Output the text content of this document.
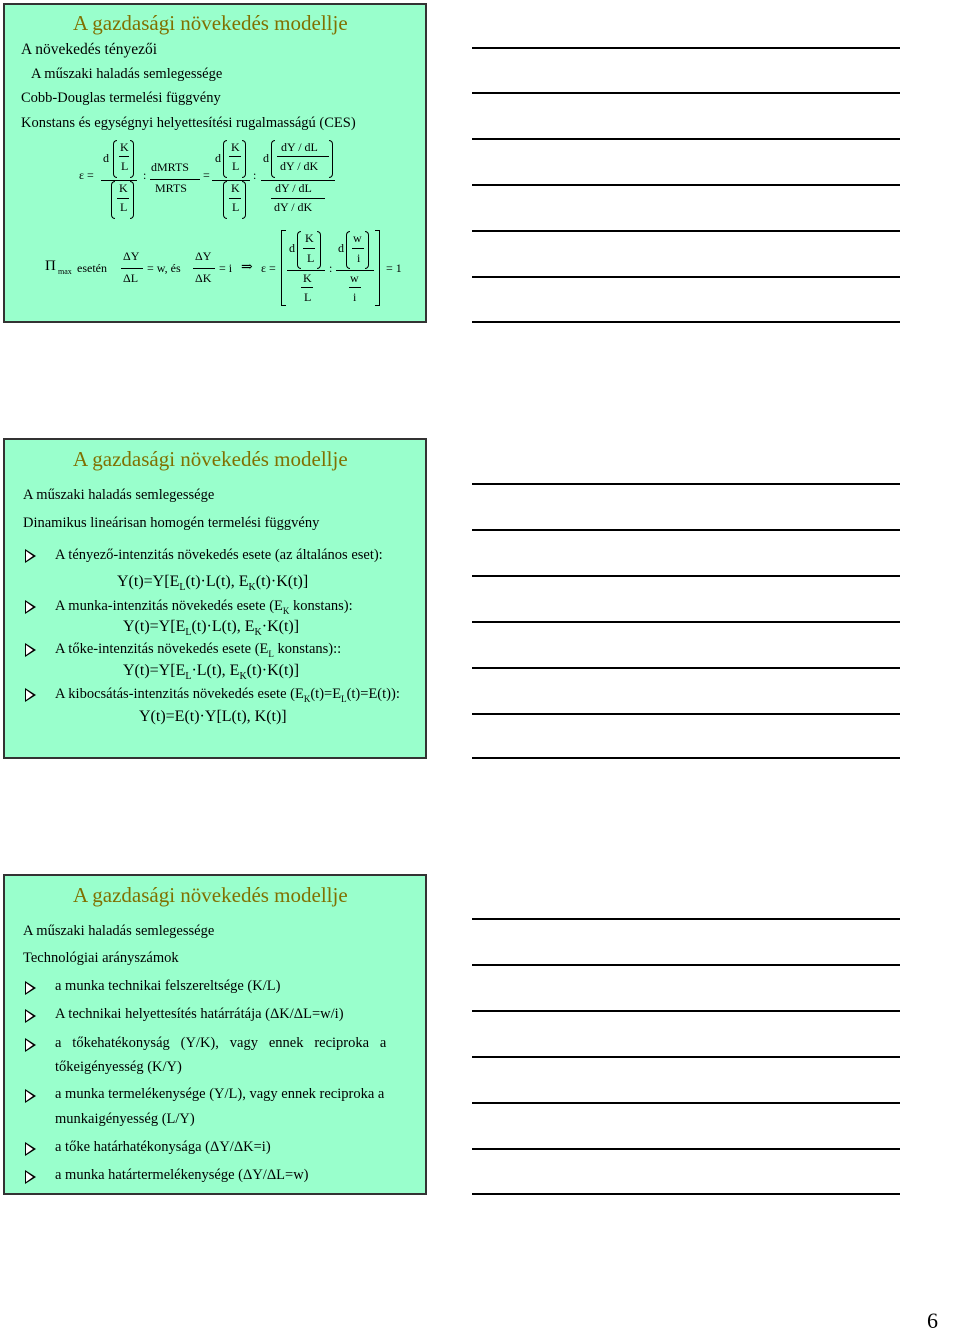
A gazdasági növekedés modellje
A növekedés tényezői
A műszaki haladás semlegessége
Cobb-Douglas termelési függvény
Konstans és egységnyi helyettesítési rugalmasságú (CES)
ε =
d
K
L
K
L
:
dMRTS
MRTS
=
d
K
L
K
L
:
d
dY / dL
dY / dK
dY / dL
dY / dK
Π max esetén
ΔY
ΔL
= w, és
ΔY
ΔK
= i ⇒ ε =
d
K
L
K
L
:
d
w
i
w
i
= 1
A gazdasági növekedés modellje
A műszaki haladás semlegessége
Dinamikus lineárisan homogén termelési függvény
A tényező-intenzitás növekedés esete (az általános eset):
$Y(t)=Y[E_L(t)\cdot L(t)$, $E_K(t)\cdot K(t)$]
A munka-intenzitás növekedés esete ($E_K$ konstans):
$Y(t)=Y[E_L(t)\cdot L(t)$, $E_K\cdot K(t)$]
A tőke-intenzitás növekedés esete ($E_L$ konstans)::
$Y(t)=Y[E_L\cdot L(t)$, $E_K(t)\cdot K(t)$]
A kibocsátás-intenzitás növekedés esete $(E_K(t)=E_L(t)=E(t))$:
Y(t)=E(t)·Y[L(t), K(t)]
A gazdasági növekedés modellje
A műszaki haladás semlegessége
Technológiai arányszámok
a munka technikai felszereltsége (K/L)
A technikai helyettesítés határrátája (ΔK/ΔL=w/i)
a   tőkehatékonyság   (Y/K),   vagy   ennek   reciproka   a
tőkeigényesség (K/Y)
a munka termelékenysége (Y/L), vagy ennek reciproka a
munkaigényesség (L/Y)
a tőke határhatékonysága (ΔY/ΔK=i)
a munka határtermelékenysége (ΔY/ΔL=w)
6
